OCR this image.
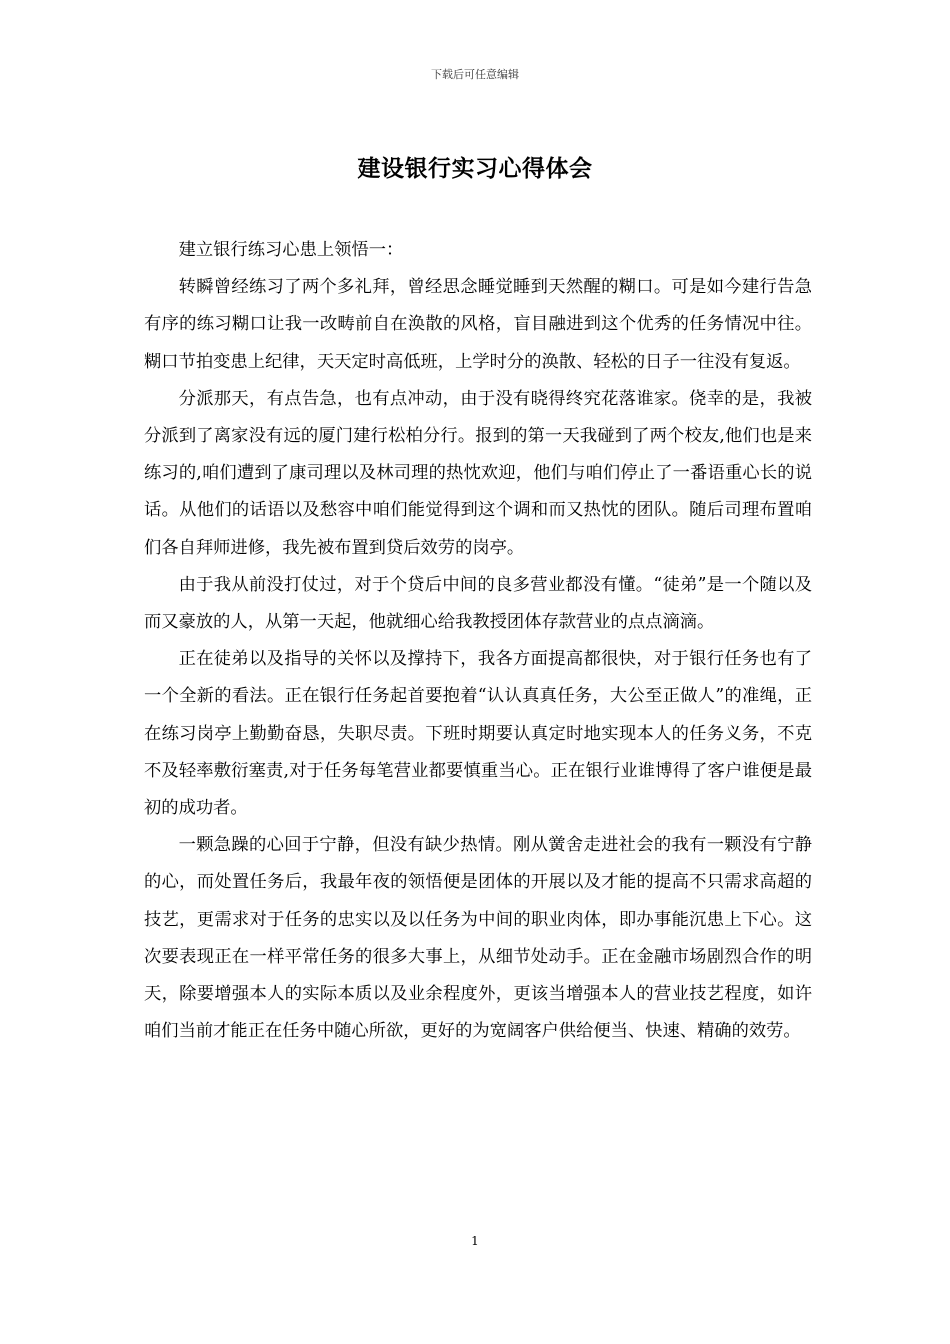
下载后可任意编辑
建设银行实习心得体会

建立银行练习心患上领悟一：

转瞬曾经练习了两个多礼拜，曾经思念睡觉睡到天然醒的糊口。可是如今建行告急有序的练习糊口让我一改畴前自在涣散的风格，盲目融进到这个优秀的任务情况中往。糊口节拍变患上纪律，天天定时高低班，上学时分的涣散、轻松的日子一往没有复返。

分派那天，有点告急，也有点冲动，由于没有晓得终究花落谁家。侥幸的是，我被分派到了离家没有远的厦门建行松柏分行。报到的第一天我碰到了两个校友,他们也是来练习的,咱们遭到了康司理以及林司理的热忱欢迎，他们与咱们停止了一番语重心长的说话。从他们的话语以及愁容中咱们能觉得到这个调和而又热忱的团队。随后司理布置咱们各自拜师进修，我先被布置到贷后效劳的岗亭。

由于我从前没打仗过，对于个贷后中间的良多营业都没有懂。“徒弟”是一个随以及而又豪放的人，从第一天起，他就细心给我教授团体存款营业的点点滴滴。

正在徒弟以及指导的关怀以及撑持下，我各方面提高都很快，对于银行任务也有了一个全新的看法。正在银行任务起首要抱着“认认真真任务，大公至正做人”的准绳，正在练习岗亭上勤勤奋恳，失职尽责。下班时期要认真定时地实现本人的任务义务，不克不及轻率敷衍塞责,对于任务每笔营业都要慎重当心。正在银行业谁博得了客户谁便是最初的成功者。

一颗急躁的心回于宁静，但没有缺少热情。刚从黉舍走进社会的我有一颗没有宁静的心，而处置任务后，我最年夜的领悟便是团体的开展以及才能的提高不只需求高超的技艺，更需求对于任务的忠实以及以任务为中间的职业肉体，即办事能沉患上下心。这次要表现正在一样平常任务的很多大事上，从细节处动手。正在金融市场剧烈合作的明天，除要增强本人的实际本质以及业余程度外，更该当增强本人的营业技艺程度，如许咱们当前才能正在任务中随心所欲，更好的为宽阔客户供给便当、快速、精确的效劳。

1
